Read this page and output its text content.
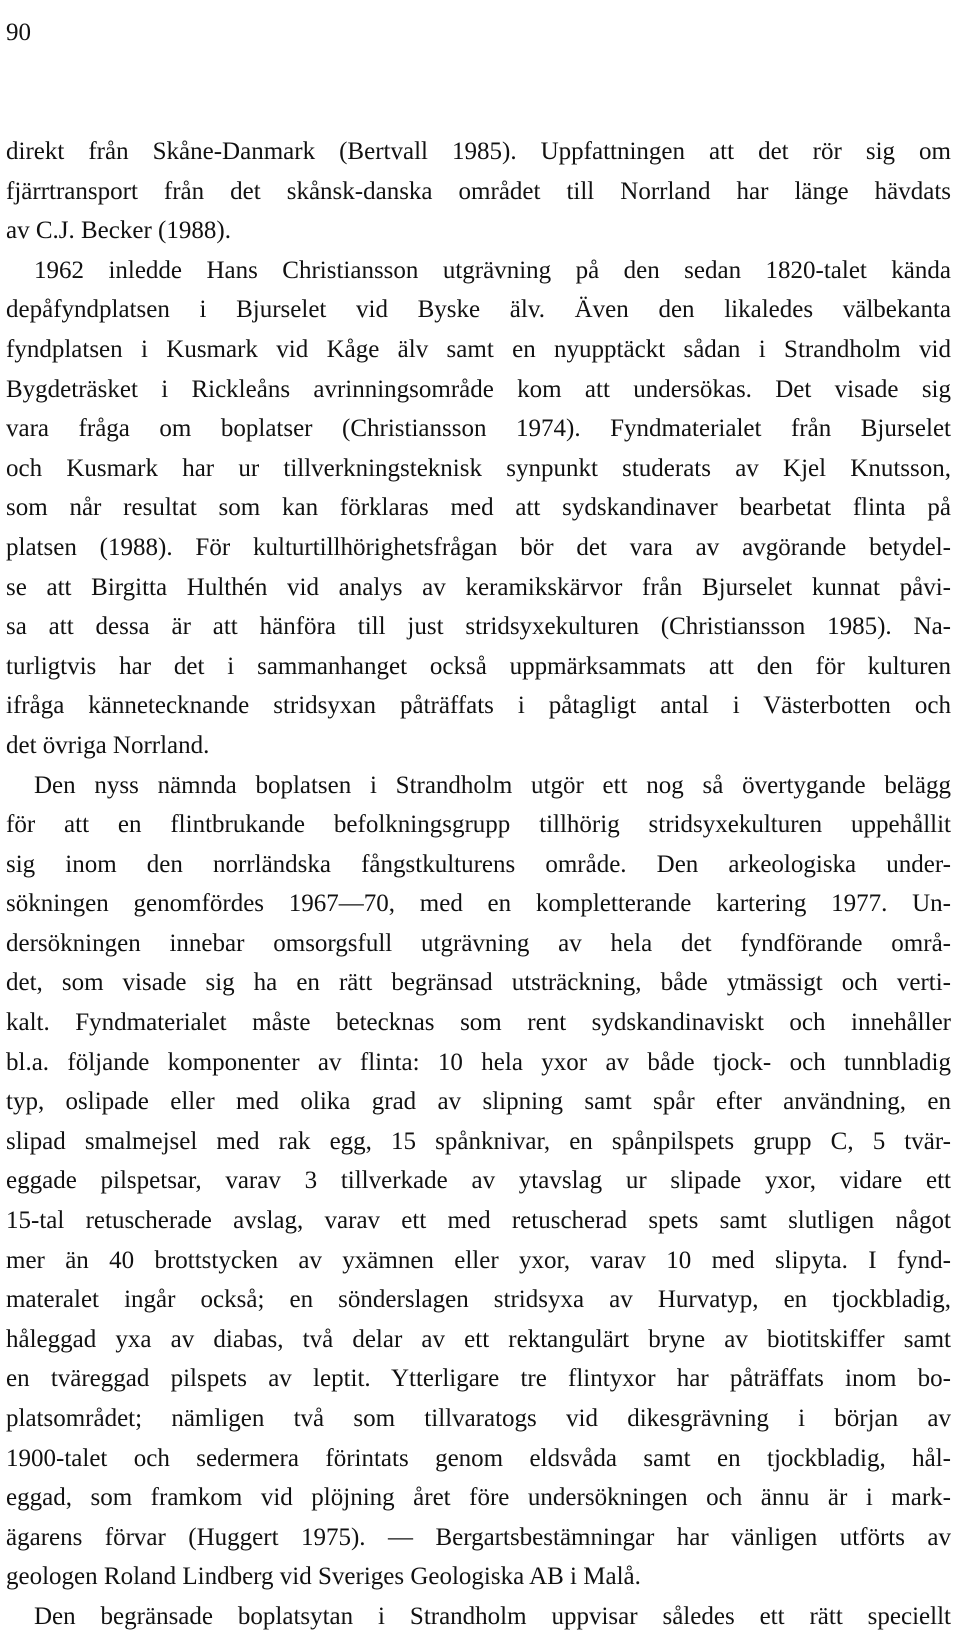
90
direkt från Skåne-Danmark (Bertvall 1985). Uppfattningen att det rör sig om
fjärrtransport från det skånsk-danska området till Norrland har länge hävdats
av C.J. Becker (1988).
1962 inledde Hans Christiansson utgrävning på den sedan 1820-talet kända
depåfyndplatsen i Bjurselet vid Byske älv. Även den likaledes välbekanta
fyndplatsen i Kusmark vid Kåge älv samt en nyupptäckt sådan i Strandholm vid
Bygdeträsket i Rickleåns avrinningsområde kom att undersökas. Det visade sig
vara fråga om boplatser (Christiansson 1974). Fyndmaterialet från Bjurselet
och Kusmark har ur tillverkningsteknisk synpunkt studerats av Kjel Knutsson,
som når resultat som kan förklaras med att sydskandinaver bearbetat flinta på
platsen (1988). För kulturtillhörighetsfrågan bör det vara av avgörande betydel-
se att Birgitta Hulthén vid analys av keramikskärvor från Bjurselet kunnat påvi-
sa att dessa är att hänföra till just stridsyxekulturen (Christiansson 1985). Na-
turligtvis har det i sammanhanget också uppmärksammats att den för kulturen
ifråga kännetecknande stridsyxan påträffats i påtagligt antal i Västerbotten och
det övriga Norrland.
Den nyss nämnda boplatsen i Strandholm utgör ett nog så övertygande belägg
för att en flintbrukande befolkningsgrupp tillhörig stridsyxekulturen uppehållit
sig inom den norrländska fångstkulturens område. Den arkeologiska under-
sökningen genomfördes 1967—70, med en kompletterande kartering 1977. Un-
dersökningen innebar omsorgsfull utgrävning av hela det fyndförande områ-
det, som visade sig ha en rätt begränsad utsträckning, både ytmässigt och verti-
kalt. Fyndmaterialet måste betecknas som rent sydskandinaviskt och innehåller
bl.a. följande komponenter av flinta: 10 hela yxor av både tjock- och tunnbladig
typ, oslipade eller med olika grad av slipning samt spår efter användning, en
slipad smalmejsel med rak egg, 15 spånknivar, en spånpilspets grupp C, 5 tvär-
eggade pilspetsar, varav 3 tillverkade av ytavslag ur slipade yxor, vidare ett
15-tal retuscherade avslag, varav ett med retuscherad spets samt slutligen något
mer än 40 brottstycken av yxämnen eller yxor, varav 10 med slipyta. I fynd-
materalet ingår också; en sönderslagen stridsyxa av Hurvatyp, en tjockbladig,
håleggad yxa av diabas, två delar av ett rektangulärt bryne av biotitskiffer samt
en tväreggad pilspets av leptit. Ytterligare tre flintyxor har påträffats inom bo-
platsområdet; nämligen två som tillvaratogs vid dikesgrävning i början av
1900-talet och sedermera förintats genom eldsvåda samt en tjockbladig, hål-
eggad, som framkom vid plöjning året före undersökningen och ännu är i mark-
ägarens förvar (Huggert 1975). — Bergartsbestämningar har vänligen utförts av
geologen Roland Lindberg vid Sveriges Geologiska AB i Malå.
Den begränsade boplatsytan i Strandholm uppvisar således ett rätt speciellt
